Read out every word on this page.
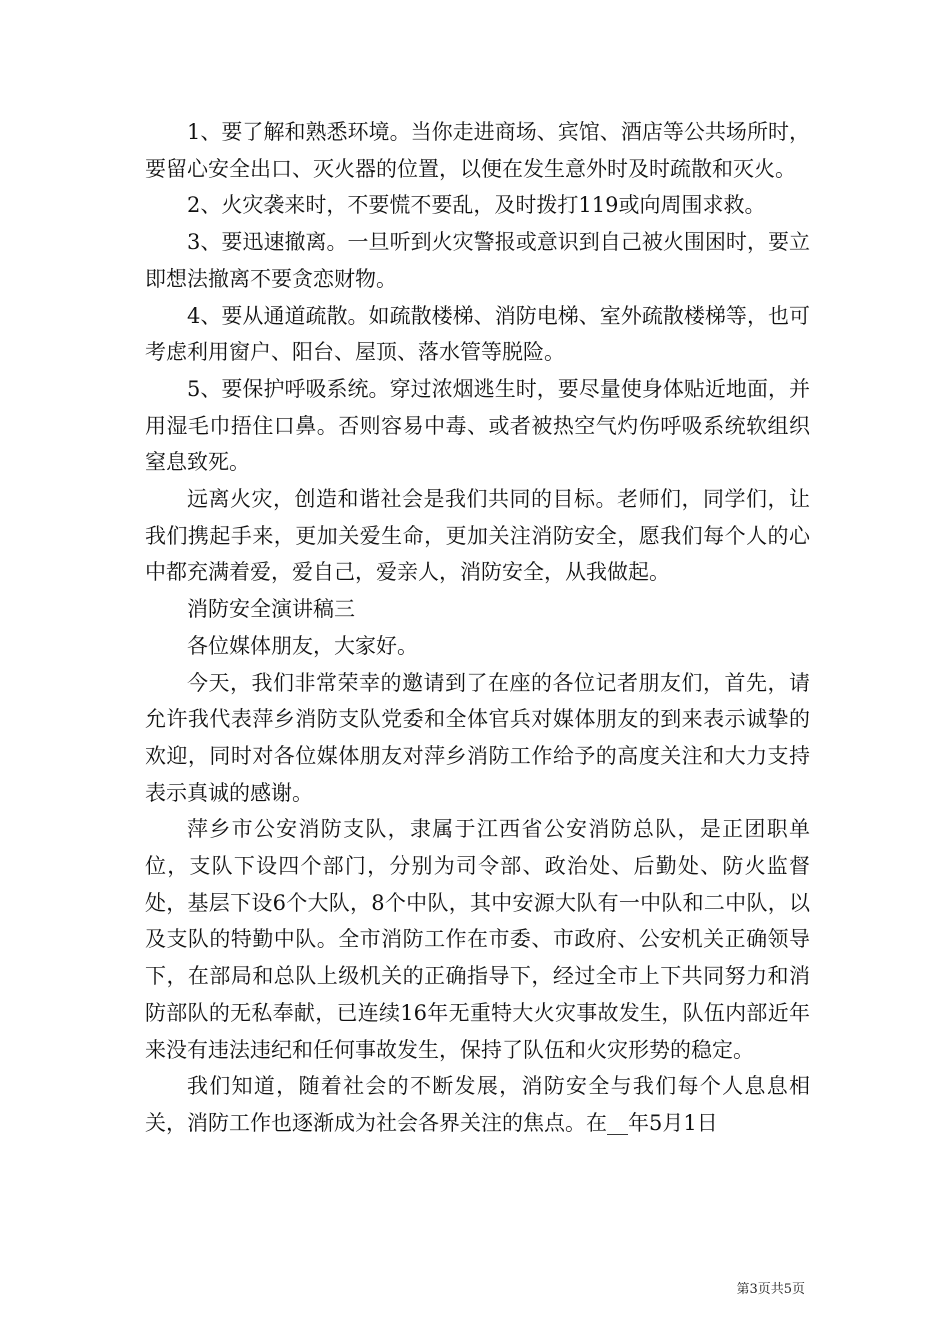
1、要了解和熟悉环境。当你走进商场、宾馆、酒店等公共场所时，要留心安全出口、灭火器的位置，以便在发生意外时及时疏散和灭火。

2、火灾袭来时，不要慌不要乱，及时拨打119或向周围求救。

3、要迅速撤离。一旦听到火灾警报或意识到自己被火围困时，要立即想法撤离不要贪恋财物。

4、要从通道疏散。如疏散楼梯、消防电梯、室外疏散楼梯等，也可考虑利用窗户、阳台、屋顶、落水管等脱险。

5、要保护呼吸系统。穿过浓烟逃生时，要尽量使身体贴近地面，并用湿毛巾捂住口鼻。否则容易中毒、或者被热空气灼伤呼吸系统软组织窒息致死。

远离火灾，创造和谐社会是我们共同的目标。老师们，同学们，让我们携起手来，更加关爱生命，更加关注消防安全，愿我们每个人的心中都充满着爱，爱自己，爱亲人，消防安全，从我做起。

消防安全演讲稿三

各位媒体朋友，大家好。

今天，我们非常荣幸的邀请到了在座的各位记者朋友们，首先，请允许我代表萍乡消防支队党委和全体官兵对媒体朋友的到来表示诚挚的欢迎，同时对各位媒体朋友对萍乡消防工作给予的高度关注和大力支持表示真诚的感谢。

萍乡市公安消防支队，隶属于江西省公安消防总队，是正团职单位，支队下设四个部门，分别为司令部、政治处、后勤处、防火监督处，基层下设6个大队，8个中队，其中安源大队有一中队和二中队，以及支队的特勤中队。全市消防工作在市委、市政府、公安机关正确领导下，在部局和总队上级机关的正确指导下，经过全市上下共同努力和消防部队的无私奉献，已连续16年无重特大火灾事故发生，队伍内部近年来没有违法违纪和任何事故发生，保持了队伍和火灾形势的稳定。

我们知道，随着社会的不断发展，消防安全与我们每个人息息相关，消防工作也逐渐成为社会各界关注的焦点。在__年5月1日

第3页共5页
